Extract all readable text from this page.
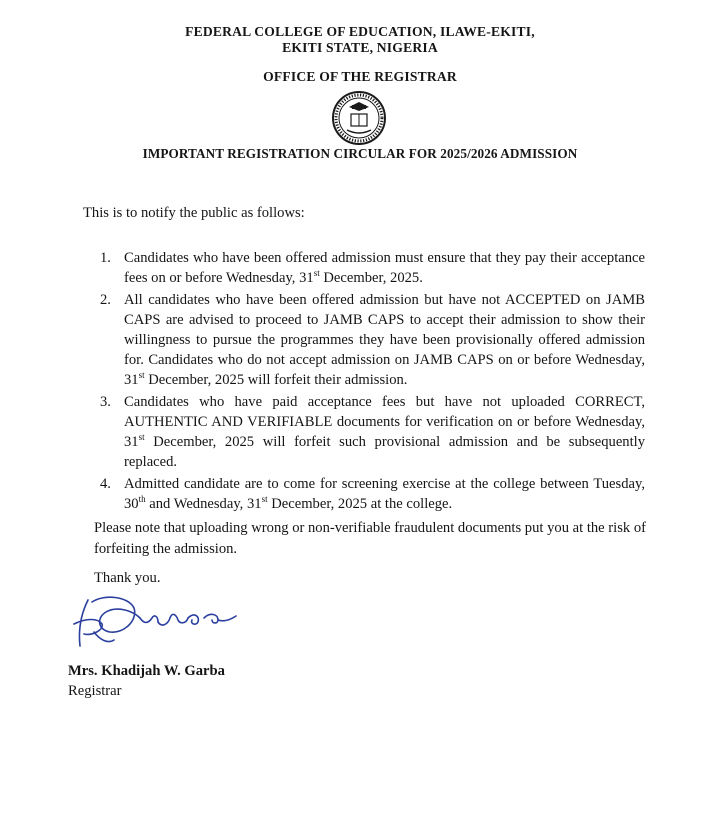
FEDERAL COLLEGE OF EDUCATION, ILAWE-EKITI,
EKITI STATE, NIGERIA
OFFICE OF THE REGISTRAR
IMPORTANT REGISTRATION CIRCULAR FOR 2025/2026 ADMISSION
This is to notify the public as follows:
1. Candidates who have been offered admission must ensure that they pay their acceptance fees on or before Wednesday, 31st December, 2025.
2. All candidates who have been offered admission but have not ACCEPTED on JAMB CAPS are advised to proceed to JAMB CAPS to accept their admission to show their willingness to pursue the programmes they have been provisionally offered admission for. Candidates who do not accept admission on JAMB CAPS on or before Wednesday, 31st December, 2025 will forfeit their admission.
3. Candidates who have paid acceptance fees but have not uploaded CORRECT, AUTHENTIC AND VERIFIABLE documents for verification on or before Wednesday, 31st December, 2025 will forfeit such provisional admission and be subsequently replaced.
4. Admitted candidate are to come for screening exercise at the college between Tuesday, 30th and Wednesday, 31st December, 2025 at the college.
Please note that uploading wrong or non-verifiable fraudulent documents put you at the risk of forfeiting the admission.
Thank you.
Mrs. Khadijah W. Garba
Registrar
